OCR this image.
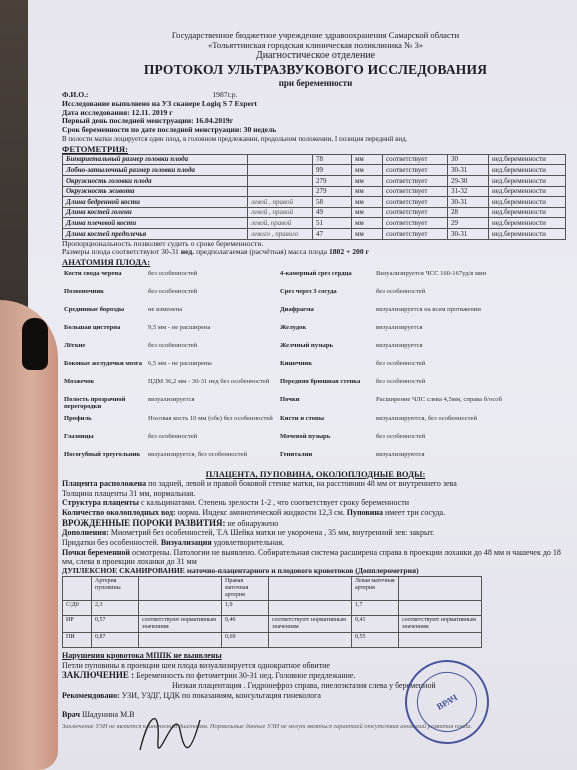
Государственное бюджетное учреждение здравоохранения Самарской области
«Тольяттинская городская клиническая поликлиника № 3»
Диагностическое отделение
ПРОТОКОЛ УЛЬТРАЗВУКОВОГО ИССЛЕДОВАНИЯ
при беременности
Ф.И.О.:	1987г.р.
Исследование выполнено на УЗ сканере Logiq S 7 Expert
Дата исследования: 12.11. 2019 г
Первый день последней менструации: 16.04.2019г
Срок беременности по дате последней менструации: 30 недель
В полости матки лоцируется один плод, в головном предлежании, продольном положении, I позиция передний вид.
ФЕТОМЕТРИЯ:
Бипариетальный размер головки плода		78	мм	соответствует	30	нед.беременности
Лобно-затылочный размер головки плода		99	мм	соответствует	30-31	нед.беременности
Окружность головки плода		279	мм	соответствует	29-30	нед.беременности
Окружность живота		279	мм	соответствует	31-32	нед.беременности
Длина бедренной кости	левой , правой	58	мм	соответствует	30-31	нед.беременности
Длина костей голени	левой , правой	49	мм	соответствует	28	нед.беременности
Длина плечевой кости	левой, правой	51	мм	соответствует	29	нед.беременности
Длина костей предплечья	левого , правого	47	мм	соответствует	30-31	нед.беременности
Пропорциональность позволяет судить о сроке беременности.
Размеры плода соответствуют 30-31 нед. предполагаемая (расчётная) масса плода 1802 + 200 г
АНАТОМИЯ ПЛОДА:
Кости свода черепа	без особенностей	4-камерный срез сердца	Визуализируется ЧСС 160-167уд/в мин
Позвоночник	без особенностей	Срез через 3 сосуда	без особенностей
Срединные борозды	не изменена	Диафрагма	визуализируется на всем протяжении
Большая цистерна	9,5 мм - не расширена	Желудок	визуализируется
Лёгкие	без особенностей	Желчный пузырь	визуализируется
Боковые желудочки мозга	6,5 мм - не расширены	Кишечник	без особенностей
Мозжечок	ПДМ 36,2 мм - 30-31 нед без особенностей	Передняя брюшная стенка	без особенностей
Полость прозрачной перегородки	визуализируется	Почки	Расширение ЧЛС слева 4,5мм, справа б/особ
Профиль	Носовая кость 10 мм (обе) без особенностей	Кисти и стопы	визуализируются, без особенностей
Глазницы	без особенностей	Мочевой пузырь	без особенностей
Носогубный треугольник	визуализируется, без особенностей	Гениталии	визуализируются
ПЛАЦЕНТА, ПУПОВИНА, ОКОЛОПЛОДНЫЕ ВОДЫ:

Плацента расположена по задней, левой и правой боковой стенке матки, на расстоянии 48 мм от внутреннего зева

Толщина плаценты 31 мм, нормальная.

Структура плаценты с кальцинатами. Степень зрелости 1-2 , что соответствует сроку беременности

Количество околоплодных вод: норма. Индекс амниотической жидкости 12,3 см. Пуповина имеет три сосуда.

ВРОЖДЕННЫЕ ПОРОКИ РАЗВИТИЯ: не обнаружено

Дополнения: Миометрий без особенностей, Т.А Шейка матки не укорочена , 35 мм, внутренний зев: закрыт.

Придатки без особенностей. Визуализация удовлетворительная.

Почки беременной осмотрены. Патологии не выявлено. Собирательная система расширена справа в проекции лоханки до 48 мм и чашечек до 18 мм, слева в проекции лоханки до 31 мм

ДУПЛЕКСНОЕ СКАНИРОВАНИЕ маточно-плацентарного и плодового кровотоков (Допплерометрия)
	Артерия пуповины		Правая маточная артерия		Левая маточная артерия	
С/Д0	2,3		1,9		1,7	
ИР	0,57	соответствуют нормативным значениям	0,46	соответствуют нормативным значениям	0,41	соответствуют нормативным значениям
ПИ	0,87		0,69		0,55	

Нарушения кровотока МППК не выявлены

Петли пуповины в проекции шеи плода визуализируется однократное обвитие

ЗАКЛЮЧЕНИЕ : Беременность по фетометрии 30-31 нед. Головное предлежание.

Низкая плацентация . Гидронефроз справа, пиелоэктазия слева у беременной

Рекомендовано: УЗИ, УЗДГ, ЦДК по показаниям, консультация гинеколога

Врач Шадунина М.В

Заключение УЗИ не является клиническим диагнозом. Нормальные данные УЗИ не могут являться гарантией отсутствия аномалий развития плода.

ВРАЧ
